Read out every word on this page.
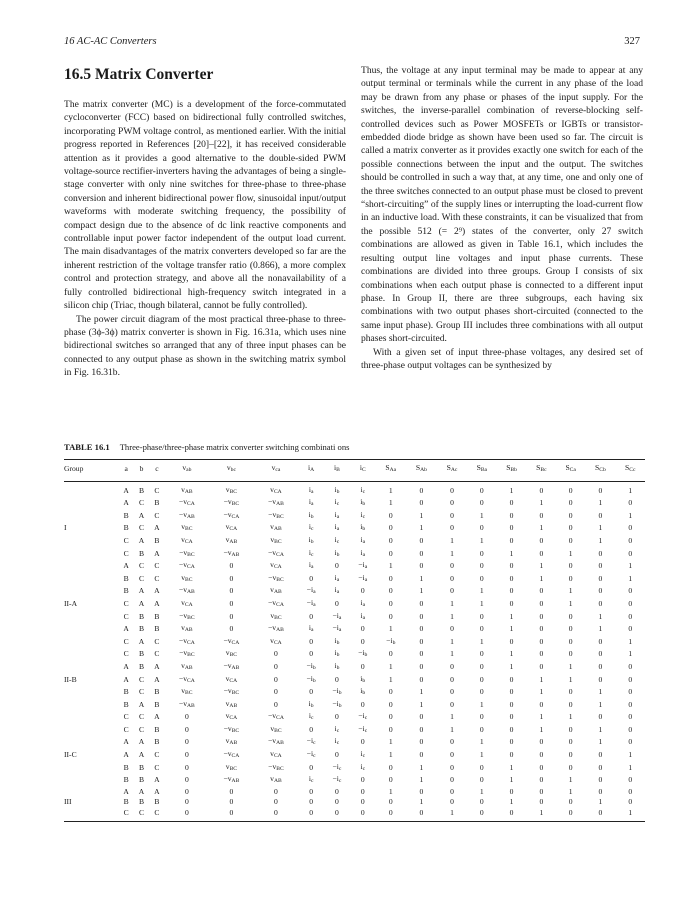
16 AC-AC Converters	327
16.5 Matrix Converter

The matrix converter (MC) is a development of the force-commutated cycloconverter (FCC) based on bidirectional fully controlled switches, incorporating PWM voltage control, as mentioned earlier. With the initial progress reported in References [20]–[22], it has received considerable attention as it provides a good alternative to the double-sided PWM voltage-source rectifier-inverters having the advantages of being a single-stage converter with only nine switches for three-phase to three-phase conversion and inherent bidirectional power flow, sinusoidal input/output waveforms with moderate switching frequency, the possibility of compact design due to the absence of dc link reactive components and controllable input power factor independent of the output load current. The main disadvantages of the matrix converters developed so far are the inherent restriction of the voltage transfer ratio (0.866), a more complex control and protection strategy, and above all the nonavailability of a fully controlled bidirectional high-frequency switch integrated in a silicon chip (Triac, though bilateral, cannot be fully controlled).

The power circuit diagram of the most practical three-phase to three-phase (3ϕ-3ϕ) matrix converter is shown in Fig. 16.31a, which uses nine bidirectional switches so arranged that any of three input phases can be connected to any output phase as shown in the switching matrix symbol in Fig. 16.31b.

Thus, the voltage at any input terminal may be made to appear at any output terminal or terminals while the current in any phase of the load may be drawn from any phase or phases of the input supply. For the switches, the inverse-parallel combination of reverse-blocking self-controlled devices such as Power MOSFETs or IGBTs or transistor-embedded diode bridge as shown have been used so far. The circuit is called a matrix converter as it provides exactly one switch for each of the possible connections between the input and the output. The switches should be controlled in such a way that, at any time, one and only one of the three switches connected to an output phase must be closed to prevent “short-circuiting” of the supply lines or interrupting the load-current flow in an inductive load. With these constraints, it can be visualized that from the possible 512 (= 2⁹) states of the converter, only 27 switch combinations are allowed as given in Table 16.1, which includes the resulting output line voltages and input phase currents. These combinations are divided into three groups. Group I consists of six combinations when each output phase is connected to a different input phase. In Group II, there are three subgroups, each having six combinations with two output phases short-circuited (connected to the same input phase). Group III includes three combinations with all output phases short-circuited.

With a given set of input three-phase voltages, any desired set of three-phase output voltages can be synthesized by

TABLE 16.1 Three-phase/three-phase matrix converter switching combinati ons
Group	a	b	c	vab	vbc	vca	iA	iB	iC	SAa	SAb	SAc	SBa	SBb	SBc	SCa	SCb	SCc
	A	B	C	vAB	vBC	vCA	ia	ib	ic	1	0	0	0	1	0	0	0	1
	A	C	B	−vCA	−vBC	−vAB	ia	ic	ib	1	0	0	0	0	1	0	1	0
	B	A	C	−vAB	−vCA	−vBC	ib	ia	ic	0	1	0	1	0	0	0	0	1
I	B	C	A	vBC	vCA	vAB	ic	ia	ib	0	1	0	0	0	1	0	1	0
	C	A	B	vCA	vAB	vBC	ib	ic	ia	0	0	1	1	0	0	0	1	0
	C	B	A	−vBC	−vAB	−vCA	ic	ib	ia	0	0	1	0	1	0	1	0	0
	A	C	C	−vCA	0	vCA	ia	0	−ia	1	0	0	0	0	1	0	0	1
	B	C	C	vBC	0	−vBC	0	ia	−ia	0	1	0	0	0	1	0	0	1
	B	A	A	−vAB	0	vAB	−ia	ia	0	0	1	0	1	0	0	1	0	0
II-A	C	A	A	vCA	0	−vCA	−ia	0	ia	0	0	1	1	0	0	1	0	0
	C	B	B	−vBC	0	vBC	0	−ia	ia	0	0	1	0	1	0	0	1	0
	A	B	B	vAB	0	−vAB	ia	−ia	0	1	0	0	0	1	0	0	1	0
	C	A	C	−vCA	−vCA	vCA	0	ib	0	−ib	0	1	1	0	0	0	0	1
	C	B	C	−vBC	vBC	0	0	ib	−ib	0	0	1	0	1	0	0	0	1
	A	B	A	vAB	−vAB	0	−ib	ib	0	1	0	0	0	1	0	1	0	0
II-B	A	C	A	−vCA	vCA	0	−ib	0	ib	1	0	0	0	0	1	1	0	0
	B	C	B	vBC	−vBC	0	0	−ib	ib	0	1	0	0	0	1	0	1	0
	B	A	B	−vAB	vAB	0	ib	−ib	0	0	1	0	1	0	0	0	1	0
	C	C	A	0	vCA	−vCA	ic	0	−ic	0	0	1	0	0	1	1	0	0
	C	C	B	0	−vBC	vBC	0	ic	−ic	0	0	1	0	0	1	0	1	0
	A	A	B	0	vAB	−vAB	−ic	ic	0	1	0	0	1	0	0	0	1	0
II-C	A	A	C	0	−vCA	vCA	−ic	0	ic	1	0	0	1	0	0	0	0	1
	B	B	C	0	vBC	−vBC	0	−ic	ic	0	1	0	0	1	0	0	0	1
	B	B	A	0	−vAB	vAB	ic	−ic	0	0	1	0	0	1	0	1	0	0
	A	A	A	0	0	0	0	0	0	1	0	0	1	0	0	1	0	0
III	B	B	B	0	0	0	0	0	0	0	1	0	0	1	0	0	1	0
	C	C	C	0	0	0	0	0	0	0	0	1	0	0	1	0	0	1
